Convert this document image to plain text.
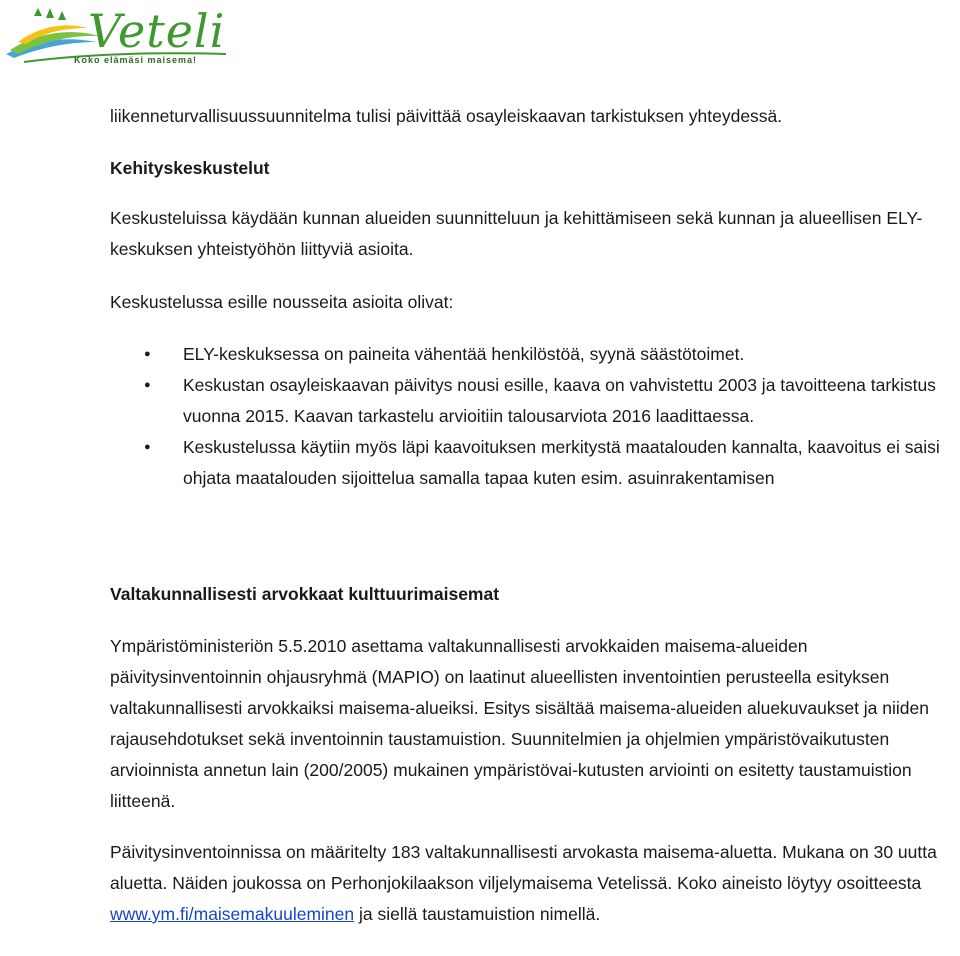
Veteli
Koko elämäsi maisema!

liikenneturvallisuussuunnitelma tulisi päivittää osayleiskaavan tarkistuksen yhteydessä.

Kehityskeskustelut

Keskusteluissa käydään kunnan alueiden suunnitteluun ja kehittämiseen sekä kunnan ja alueellisen ELY-keskuksen yhteistyöhön liittyviä asioita.

Keskustelussa esille nousseita asioita olivat:

● ELY-keskuksessa on paineita vähentää henkilöstöä, syynä säästötoimet.
● Keskustan osayleiskaavan päivitys nousi esille, kaava on vahvistettu 2003 ja tavoitteena tarkistus vuonna 2015. Kaavan tarkastelu arvioitiin talousarviota 2016 laadittaessa.
● Keskustelussa käytiin myös läpi kaavoituksen merkitystä maatalouden kannalta, kaavoitus ei saisi ohjata maatalouden sijoittelua samalla tapaa kuten esim. asuinrakentamisen

Valtakunnallisesti arvokkaat kulttuurimaisemat

Ympäristöministeriön 5.5.2010 asettama valtakunnallisesti arvokkaiden maisema-alueiden päivitysinventoinnin ohjausryhmä (MAPIO) on laatinut alueellisten inventointien perusteella esityksen valtakunnallisesti arvokkaiksi maisema-alueiksi. Esitys sisältää maisema-alueiden aluekuvaukset ja niiden rajausehdotukset sekä inventoinnin taustamuistion. Suunnitelmien ja ohjelmien ympäristövaikutusten arvioinnista annetun lain (200/2005) mukainen ympäristövai-kutusten arviointi on esitetty taustamuistion liitteenä.

Päivitysinventoinnissa on määritelty 183 valtakunnallisesti arvokasta maisema-aluetta. Mukana on 30 uutta aluetta. Näiden joukossa on Perhonjokilaakson viljelymaisema Vetelissä. Koko aineisto löytyy osoitteesta  www.ym.fi/maisemakuuleminen ja siellä taustamuistion nimellä.
